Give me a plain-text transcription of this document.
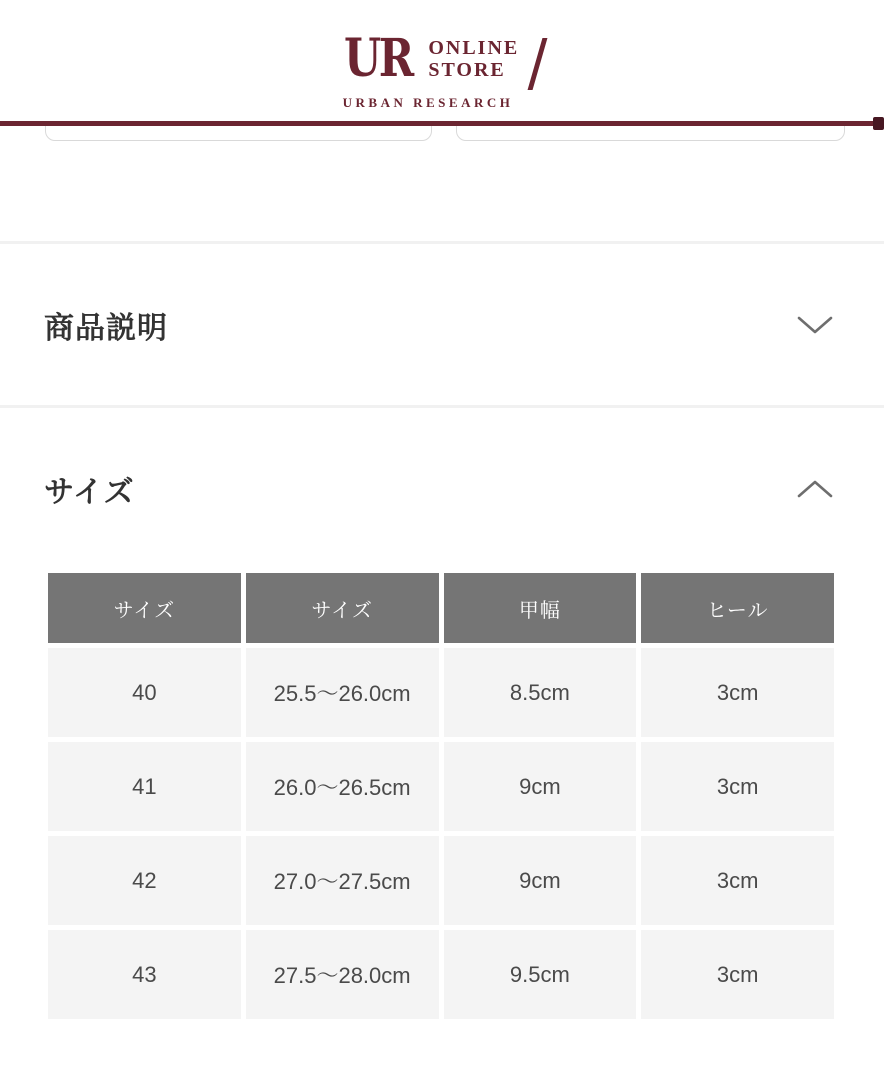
UR ONLINE
STORE
URBAN RESEARCH
商品説明
サイズ
サイズ	サイズ	甲幅	ヒール
40	25.5〜26.0cm	8.5cm	3cm
41	26.0〜26.5cm	9cm	3cm
42	27.0〜27.5cm	9cm	3cm
43	27.5〜28.0cm	9.5cm	3cm
